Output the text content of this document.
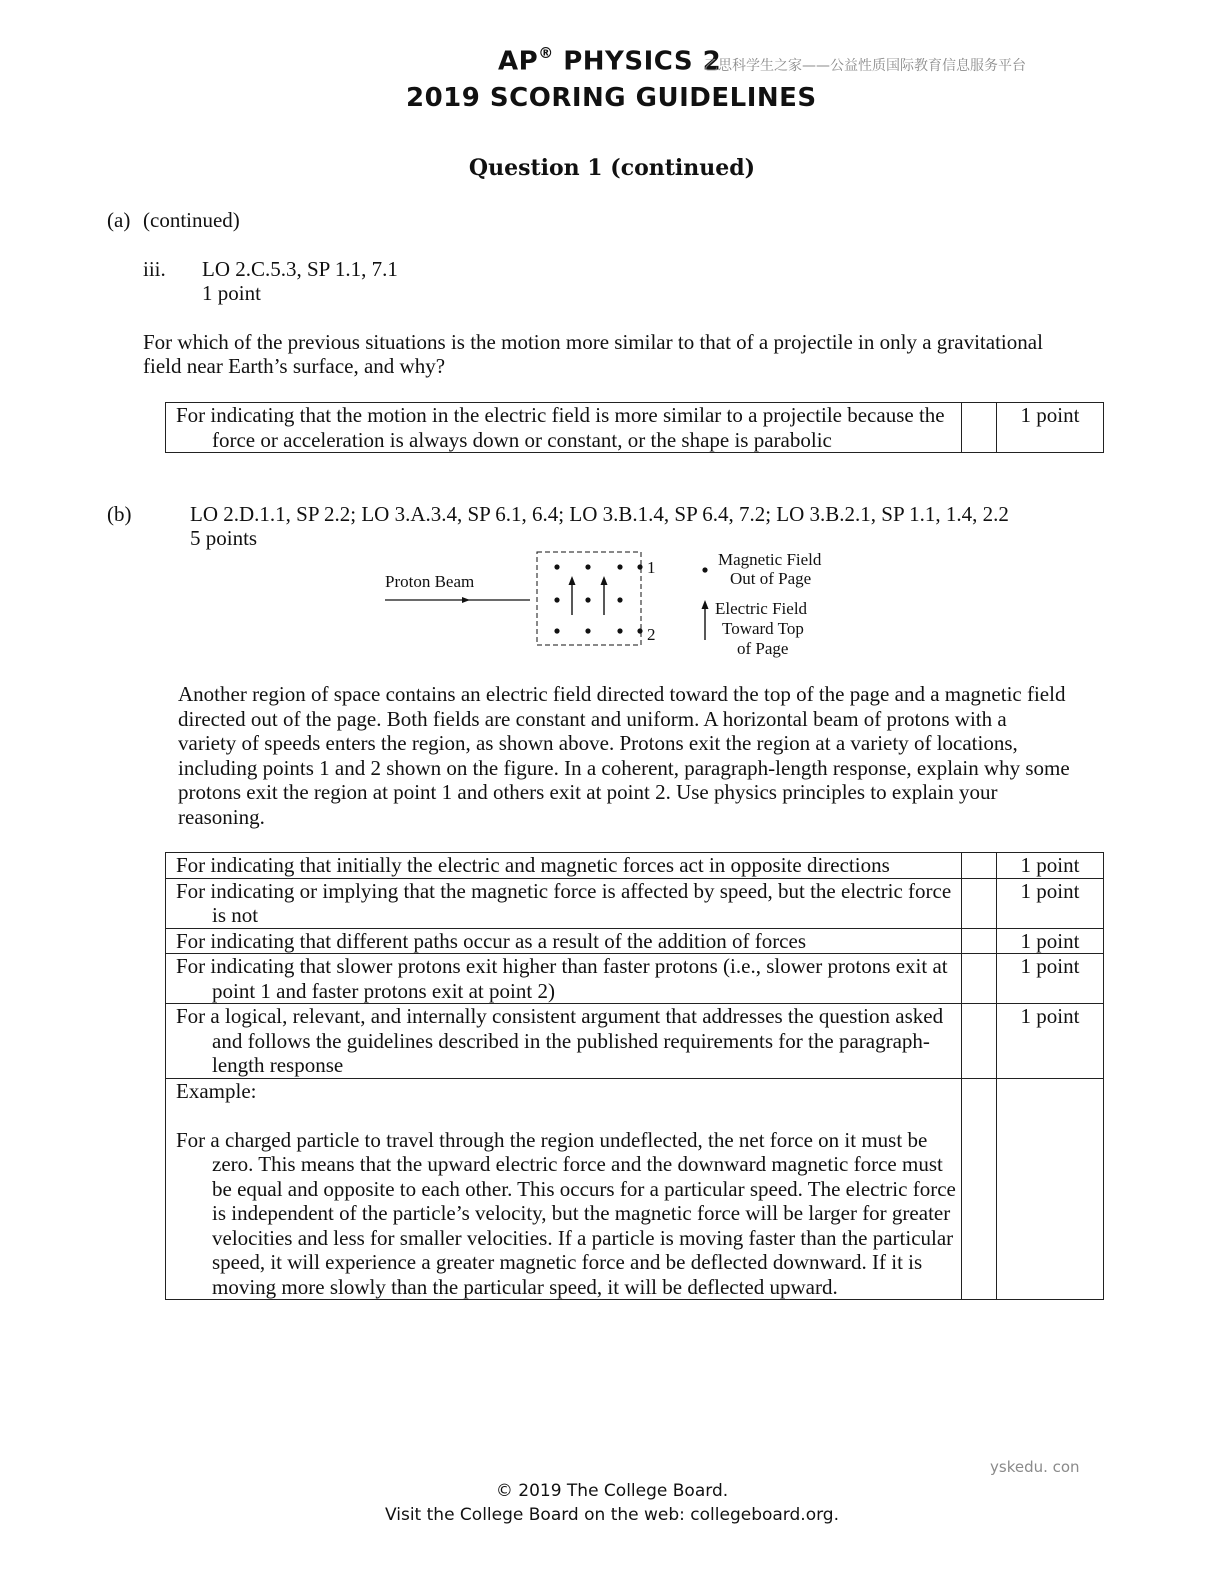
AP® PHYSICS 2
乙思科学生之家——公益性质国际教育信息服务平台
2019 SCORING GUIDELINES
Question 1 (continued)
(a) (continued)
iii. LO 2.C.5.3, SP 1.1, 7.1
1 point
For which of the previous situations is the motion more similar to that of a projectile in only a gravitational
field near Earth’s surface, and why?
For indicating that the motion in the electric field is more similar to a projectile because the force or acceleration is always down or constant, or the shape is parabolic
		1 point
(b)	LO 2.D.1.1, SP 2.2; LO 3.A.3.4, SP 6.1, 6.4; LO 3.B.1.4, SP 6.4, 7.2; LO 3.B.2.1, SP 1.1, 1.4, 2.2
5 points
Proton Beam
1
2
Magnetic Field
Out of Page
Electric Field
Toward Top
of Page
Another region of space contains an electric field directed toward the top of the page and a magnetic field
directed out of the page. Both fields are constant and uniform. A horizontal beam of protons with a
variety of speeds enters the region, as shown above. Protons exit the region at a variety of locations,
including points 1 and 2 shown on the figure. In a coherent, paragraph-length response, explain why some
protons exit the region at point 1 and others exit at point 2. Use physics principles to explain your
reasoning.
For indicating that initially the electric and magnetic forces act in opposite directions		1 point

For indicating or implying that the magnetic force is affected by speed, but the electric force is not		1 point

For indicating that different paths occur as a result of the addition of forces		1 point

For indicating that slower protons exit higher than faster protons (i.e., slower protons exit at point 1 and faster protons exit at point 2)		1 point

For a logical, relevant, and internally consistent argument that addresses the question asked and follows the guidelines described in the published requirements for the paragraph-length response		1 point

Example:
For a charged particle to travel through the region undeflected, the net force on it must be zero. This means that the upward electric force and the downward magnetic force must be equal and opposite to each other. This occurs for a particular speed. The electric force is independent of the particle’s velocity, but the magnetic force will be larger for greater velocities and less for smaller velocities. If a particle is moving faster than the particular speed, it will experience a greater magnetic force and be deflected downward. If it is moving more slowly than the particular speed, it will be deflected upward.		

yskedu. con
© 2019 The College Board.
Visit the College Board on the web: collegeboard.org.
